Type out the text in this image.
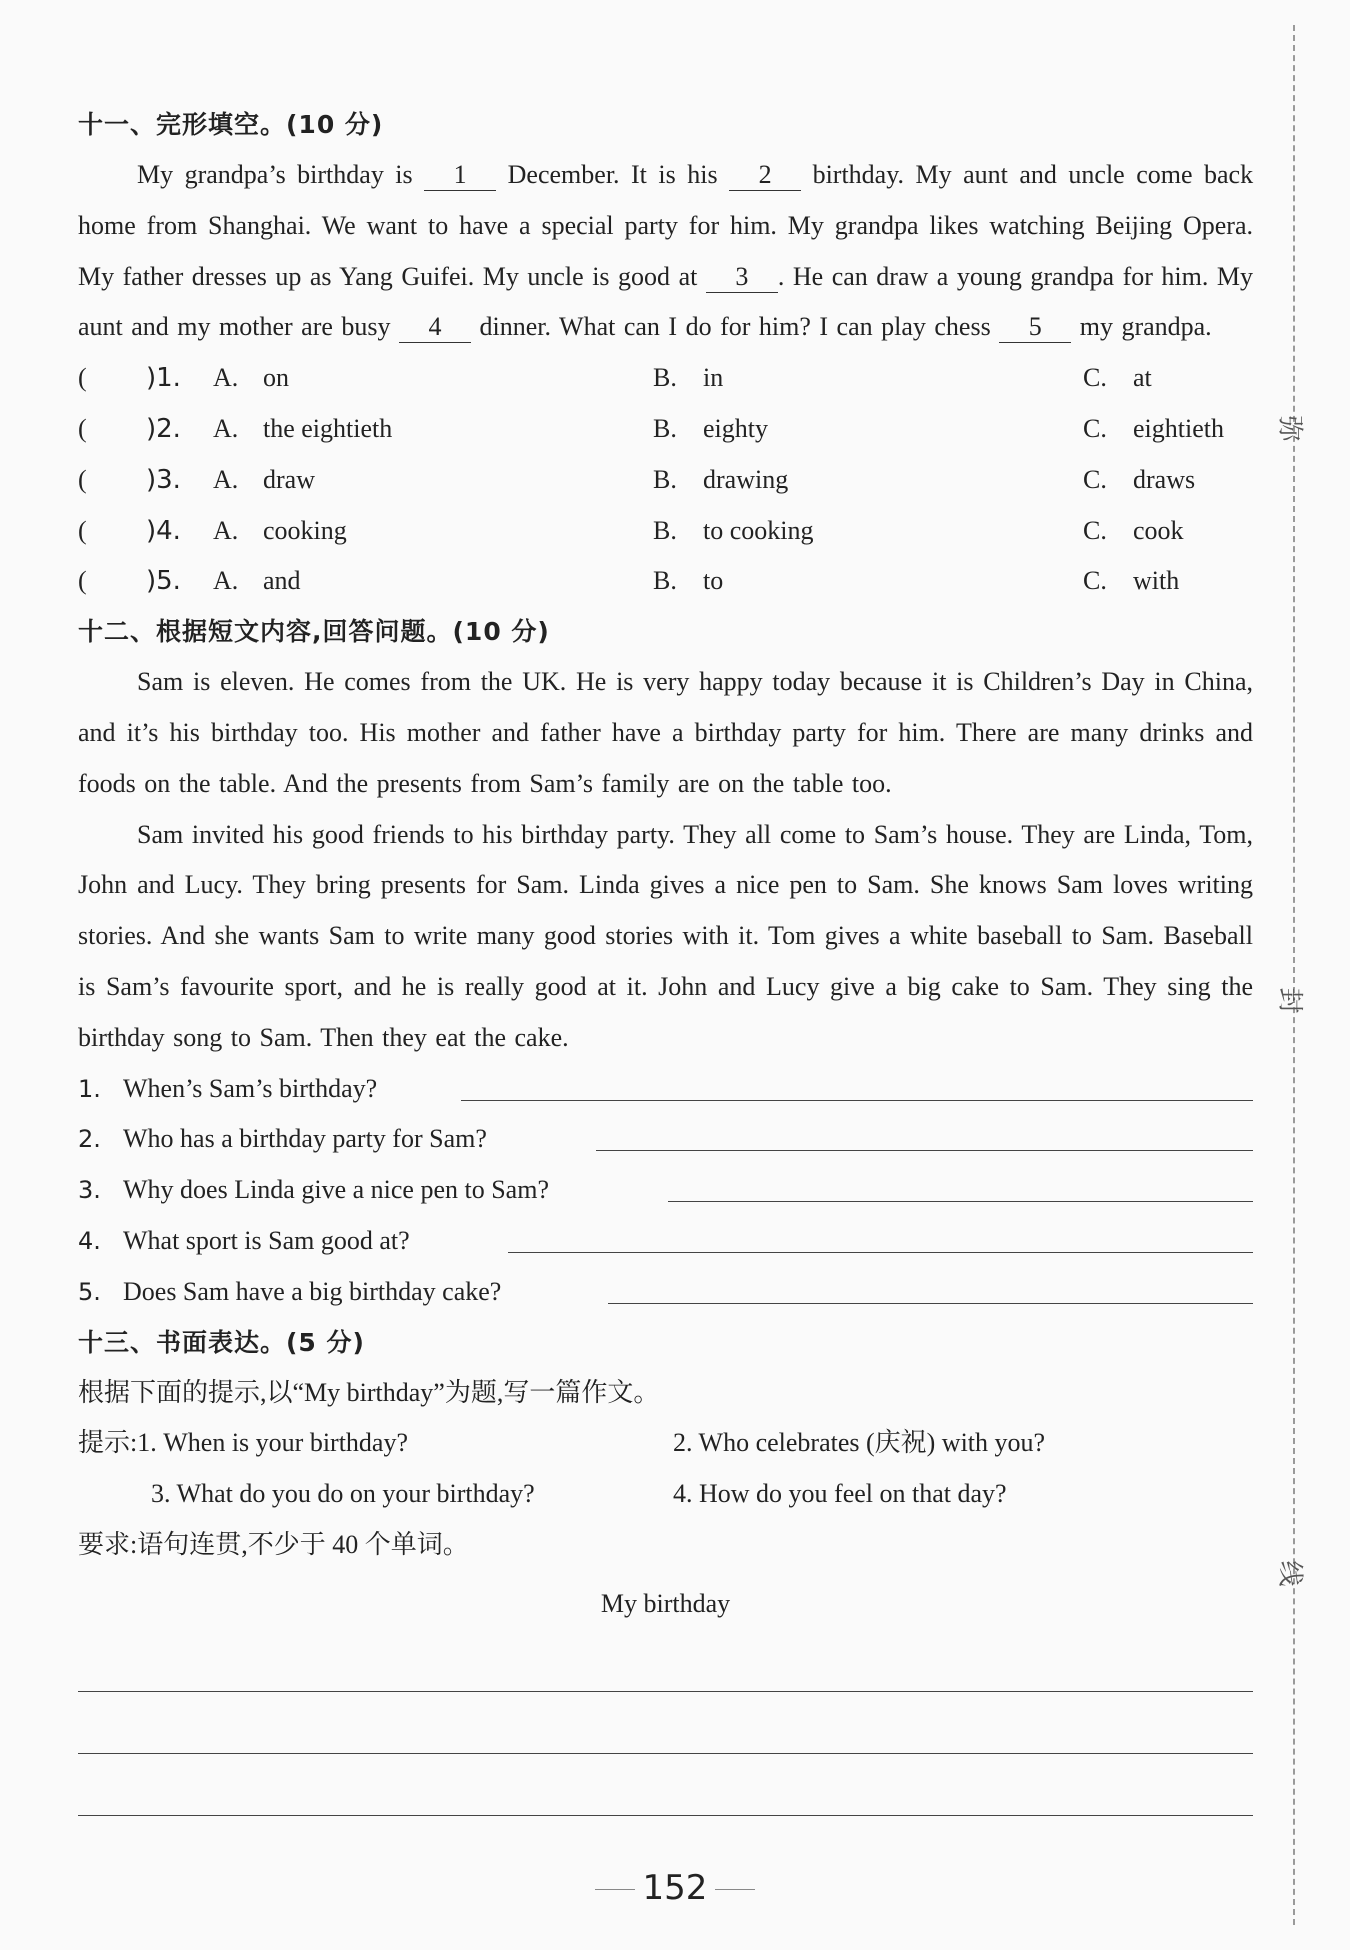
弥
封
线
十一、完形填空。(10 分)
My grandpa’s birthday is 1 December. It is his 2 birthday. My aunt and uncle come back home from Shanghai. We want to have a special party for him. My grandpa likes watching Beijing Opera. My father dresses up as Yang Guifei. My uncle is good at 3 . He can draw a young grandpa for him. My aunt and my mother are busy 4 dinner. What can I do for him? I can play chess 5 my grandpa.
( )1. A. on	B. in	C. at
( )2. A. the eightieth	B. eighty	C. eightieth
( )3. A. draw	B. drawing	C. draws
( )4. A. cooking	B. to cooking	C. cook
( )5. A. and	B. to	C. with
十二、根据短文内容,回答问题。(10 分)
Sam is eleven. He comes from the UK. He is very happy today because it is Children’s Day in China, and it’s his birthday too. His mother and father have a birthday party for him. There are many drinks and foods on the table. And the presents from Sam’s family are on the table too.
Sam invited his good friends to his birthday party. They all come to Sam’s house. They are Linda, Tom, John and Lucy. They bring presents for Sam. Linda gives a nice pen to Sam. She knows Sam loves writing stories. And she wants Sam to write many good stories with it. Tom gives a white baseball to Sam. Baseball is Sam’s favourite sport, and he is really good at it. John and Lucy give a big cake to Sam. They sing the birthday song to Sam. Then they eat the cake.
1. When’s Sam’s birthday?
2. Who has a birthday party for Sam?
3. Why does Linda give a nice pen to Sam?
4. What sport is Sam good at?
5. Does Sam have a big birthday cake?
十三、书面表达。(5 分)
根据下面的提示,以“My birthday”为题,写一篇作文。
提示:1. When is your birthday?	2. Who celebrates (庆祝) with you?
3. What do you do on your birthday?	4. How do you feel on that day?
要求:语句连贯,不少于 40 个单词。
My birthday
152
